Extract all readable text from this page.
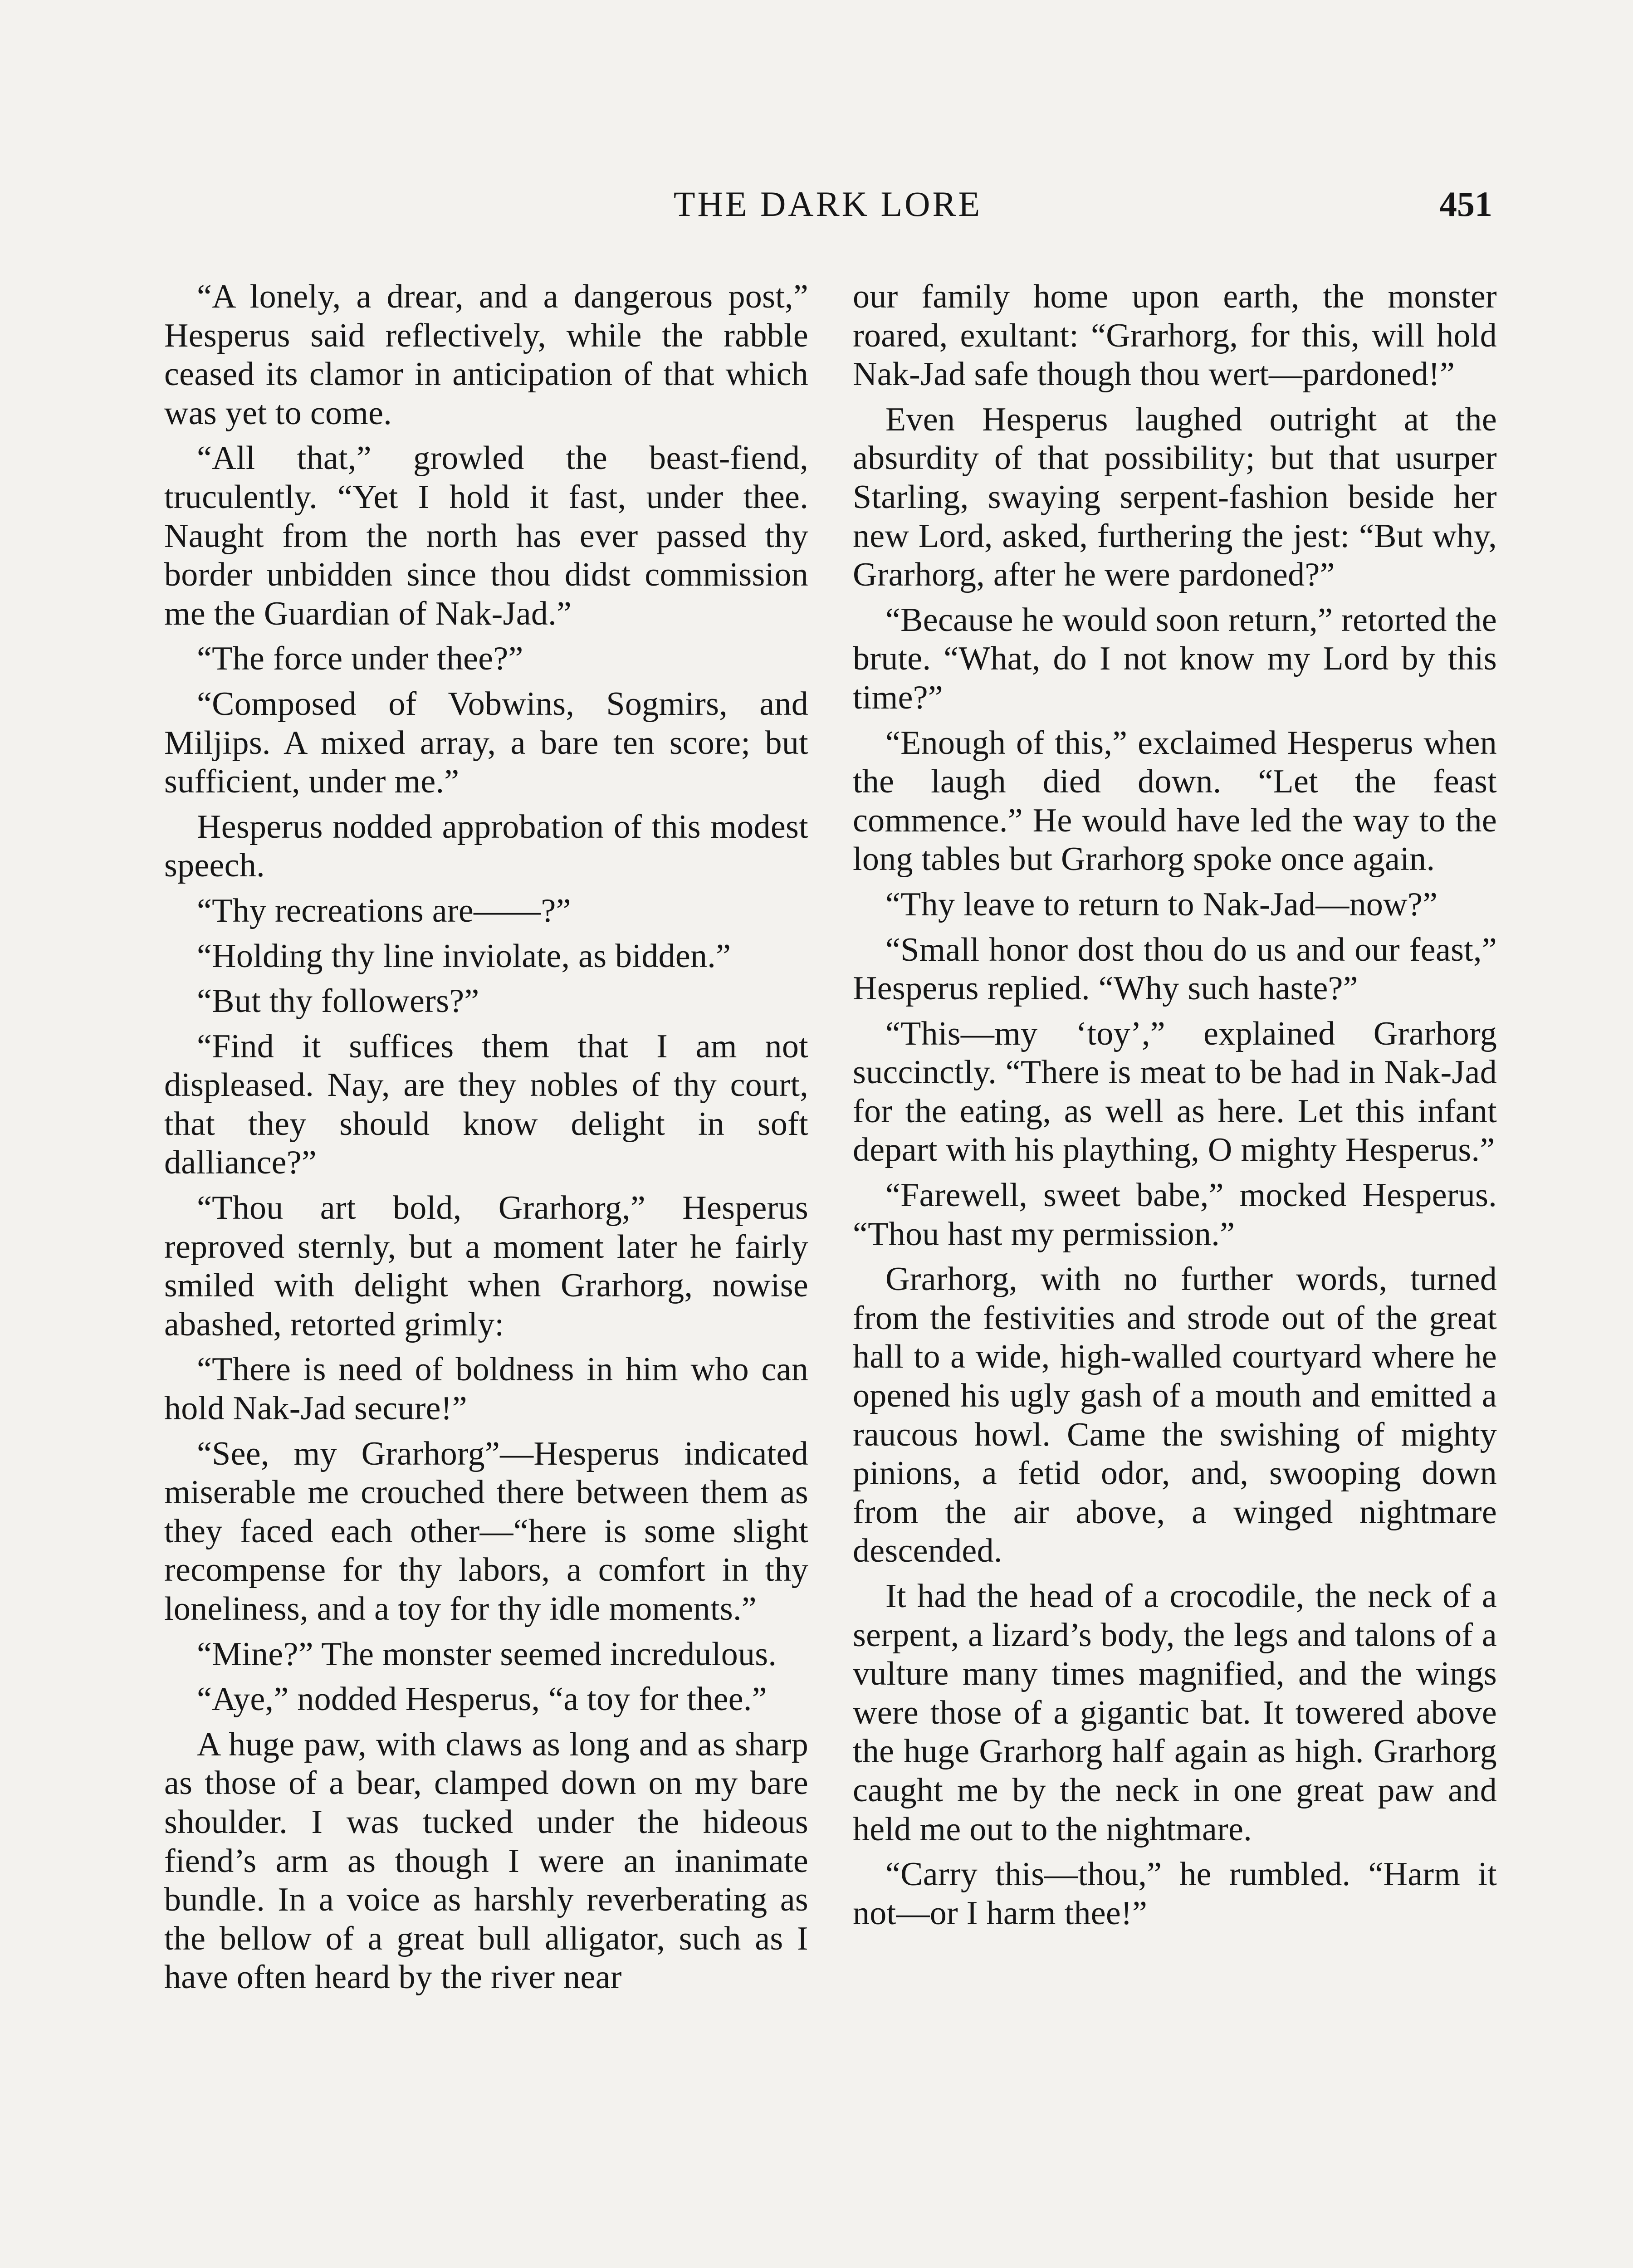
THE DARK LORE	451

“A lonely, a drear, and a dangerous post,” Hesperus said reflectively, while the rabble ceased its clamor in anticipation of that which was yet to come.

“All that,” growled the beast-fiend, truculently. “Yet I hold it fast, under thee. Naught from the north has ever passed thy border unbidden since thou didst commission me the Guardian of Nak-Jad.”

“The force under thee?”

“Composed of Vobwins, Sogmirs, and Miljips. A mixed array, a bare ten score; but sufficient, under me.”

Hesperus nodded approbation of this modest speech.

“Thy recreations are——?”

“Holding thy line inviolate, as bidden.”

“But thy followers?”

“Find it suffices them that I am not displeased. Nay, are they nobles of thy court, that they should know delight in soft dalliance?”

“Thou art bold, Grarhorg,” Hesperus reproved sternly, but a moment later he fairly smiled with delight when Grarhorg, nowise abashed, retorted grimly:

“There is need of boldness in him who can hold Nak-Jad secure!”

“See, my Grarhorg”—Hesperus indicated miserable me crouched there between them as they faced each other—“here is some slight recompense for thy labors, a comfort in thy loneliness, and a toy for thy idle moments.”

“Mine?” The monster seemed incredulous.

“Aye,” nodded Hesperus, “a toy for thee.”

A huge paw, with claws as long and as sharp as those of a bear, clamped down on my bare shoulder. I was tucked under the hideous fiend’s arm as though I were an inanimate bundle. In a voice as harshly reverberating as the bellow of a great bull alligator, such as I have often heard by the river near

our family home upon earth, the monster roared, exultant: “Grarhorg, for this, will hold Nak-Jad safe though thou wert—pardoned!”

Even Hesperus laughed outright at the absurdity of that possibility; but that usurper Starling, swaying serpent-fashion beside her new Lord, asked, furthering the jest: “But why, Grarhorg, after he were pardoned?”

“Because he would soon return,” retorted the brute. “What, do I not know my Lord by this time?”

“Enough of this,” exclaimed Hesperus when the laugh died down. “Let the feast commence.” He would have led the way to the long tables but Grarhorg spoke once again.

“Thy leave to return to Nak-Jad—now?”

“Small honor dost thou do us and our feast,” Hesperus replied. “Why such haste?”

“This—my ‘toy’,” explained Grarhorg succinctly. “There is meat to be had in Nak-Jad for the eating, as well as here. Let this infant depart with his plaything, O mighty Hesperus.”

“Farewell, sweet babe,” mocked Hesperus. “Thou hast my permission.”

Grarhorg, with no further words, turned from the festivities and strode out of the great hall to a wide, high-walled courtyard where he opened his ugly gash of a mouth and emitted a raucous howl. Came the swishing of mighty pinions, a fetid odor, and, swooping down from the air above, a winged nightmare descended.

It had the head of a crocodile, the neck of a serpent, a lizard’s body, the legs and talons of a vulture many times magnified, and the wings were those of a gigantic bat. It towered above the huge Grarhorg half again as high. Grarhorg caught me by the neck in one great paw and held me out to the nightmare.

“Carry this—thou,” he rumbled. “Harm it not—or I harm thee!”
